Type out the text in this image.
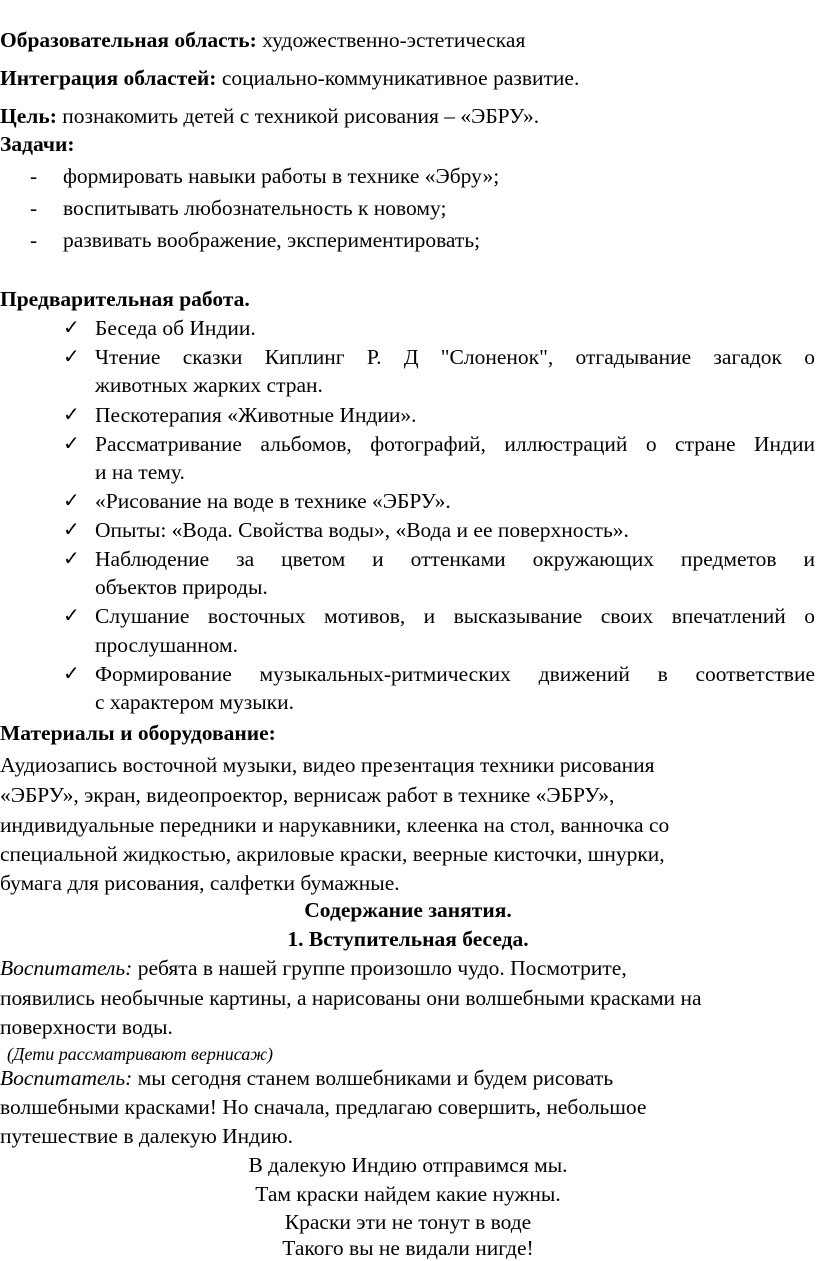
Образовательная область: художественно-эстетическая
Интеграция областей: социально-коммуникативное развитие.
Цель: познакомить детей с техникой рисования – «ЭБРУ».
Задачи:
- формировать навыки работы в технике «Эбру»;
- воспитывать любознательность к новому;
- развивать воображение, экспериментировать;
Предварительная работа.
✓ Беседа об Индии.
✓ Чтение сказки Киплинг Р. Д "Слоненок", отгадывание загадок о
животных жарких стран.
✓ Пескотерапия «Животные Индии».
✓ Рассматривание альбомов, фотографий, иллюстраций о стране Индии
и на тему.
✓ «Рисование на воде в технике «ЭБРУ».
✓ Опыты: «Вода. Свойства воды», «Вода и ее поверхность».
✓ Наблюдение за цветом и оттенками окружающих предметов и
объектов природы.
✓ Слушание восточных мотивов, и высказывание своих впечатлений о
прослушанном.
✓ Формирование музыкальных-ритмических движений в соответствие
с характером музыки.
Материалы и оборудование:
Аудиозапись восточной музыки, видео презентация техники рисования
«ЭБРУ», экран, видеопроектор, вернисаж работ в технике «ЭБРУ»,
индивидуальные передники и нарукавники, клеенка на стол, ванночка со
специальной жидкостью, акриловые краски, веерные кисточки, шнурки,
бумага для рисования, салфетки бумажные.
Содержание занятия.
1. Вступительная беседа.
Воспитатель: ребята в нашей группе произошло чудо. Посмотрите,
появились необычные картины, а нарисованы они волшебными красками на
поверхности воды.
(Дети рассматривают вернисаж)
Воспитатель: мы сегодня станем волшебниками и будем рисовать
волшебными красками! Но сначала, предлагаю совершить, небольшое
путешествие в далекую Индию.
В далекую Индию отправимся мы.
Там краски найдем какие нужны.
Краски эти не тонут в воде
Такого вы не видали нигде!
